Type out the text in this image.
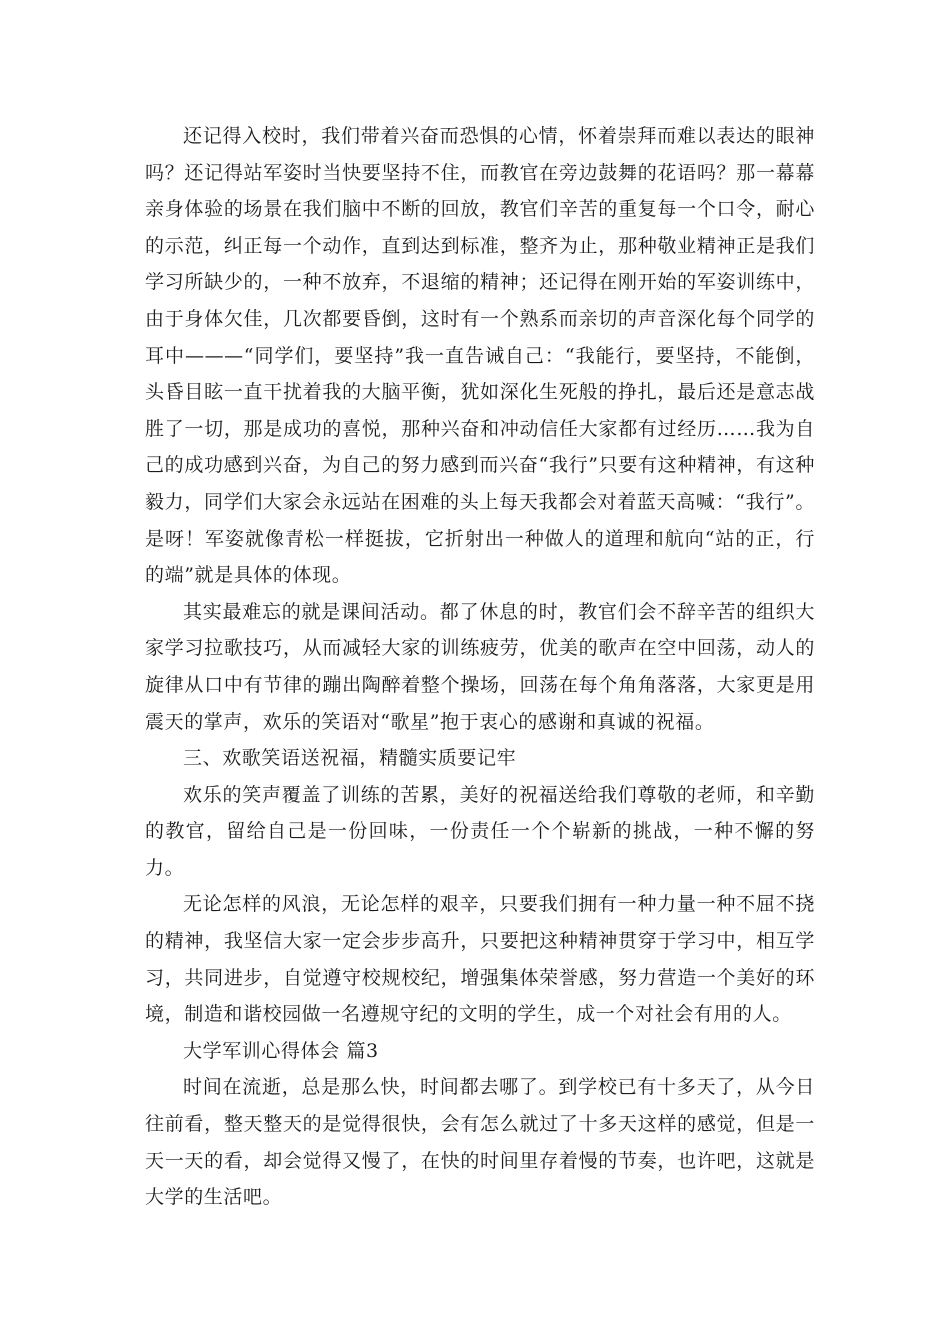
还记得入校时，我们带着兴奋而恐惧的心情，怀着崇拜而难以表达的眼神吗？还记得站军姿时当快要坚持不住，而教官在旁边鼓舞的花语吗？那一幕幕亲身体验的场景在我们脑中不断的回放，教官们辛苦的重复每一个口令，耐心的示范，纠正每一个动作，直到达到标准，整齐为止，那种敬业精神正是我们学习所缺少的，一种不放弃，不退缩的精神；还记得在刚开始的军姿训练中，由于身体欠佳，几次都要昏倒，这时有一个熟系而亲切的声音深化每个同学的耳中———“同学们，要坚持”我一直告诫自己：“我能行，要坚持，不能倒，头昏目眩一直干扰着我的大脑平衡，犹如深化生死般的挣扎，最后还是意志战胜了一切，那是成功的喜悦，那种兴奋和冲动信任大家都有过经历……我为自己的成功感到兴奋，为自己的努力感到而兴奋“我行”只要有这种精神，有这种毅力，同学们大家会永远站在困难的头上每天我都会对着蓝天高喊：“我行”。是呀！军姿就像青松一样挺拔，它折射出一种做人的道理和航向“站的正，行的端”就是具体的体现。

其实最难忘的就是课间活动。都了休息的时，教官们会不辞辛苦的组织大家学习拉歌技巧，从而减轻大家的训练疲劳，优美的歌声在空中回荡，动人的旋律从口中有节律的蹦出陶醉着整个操场，回荡在每个角角落落，大家更是用震天的掌声，欢乐的笑语对“歌星”抱于衷心的感谢和真诚的祝福。

三、欢歌笑语送祝福，精髓实质要记牢

欢乐的笑声覆盖了训练的苦累，美好的祝福送给我们尊敬的老师，和辛勤的教官，留给自己是一份回味，一份责任一个个崭新的挑战，一种不懈的努力。

无论怎样的风浪，无论怎样的艰辛，只要我们拥有一种力量一种不屈不挠的精神，我坚信大家一定会步步高升，只要把这种精神贯穿于学习中，相互学习，共同进步，自觉遵守校规校纪，增强集体荣誉感，努力营造一个美好的环境，制造和谐校园做一名遵规守纪的文明的学生，成一个对社会有用的人。

大学军训心得体会 篇3

时间在流逝，总是那么快，时间都去哪了。到学校已有十多天了，从今日往前看，整天整天的是觉得很快，会有怎么就过了十多天这样的感觉，但是一天一天的看，却会觉得又慢了，在快的时间里存着慢的节奏，也许吧，这就是大学的生活吧。
